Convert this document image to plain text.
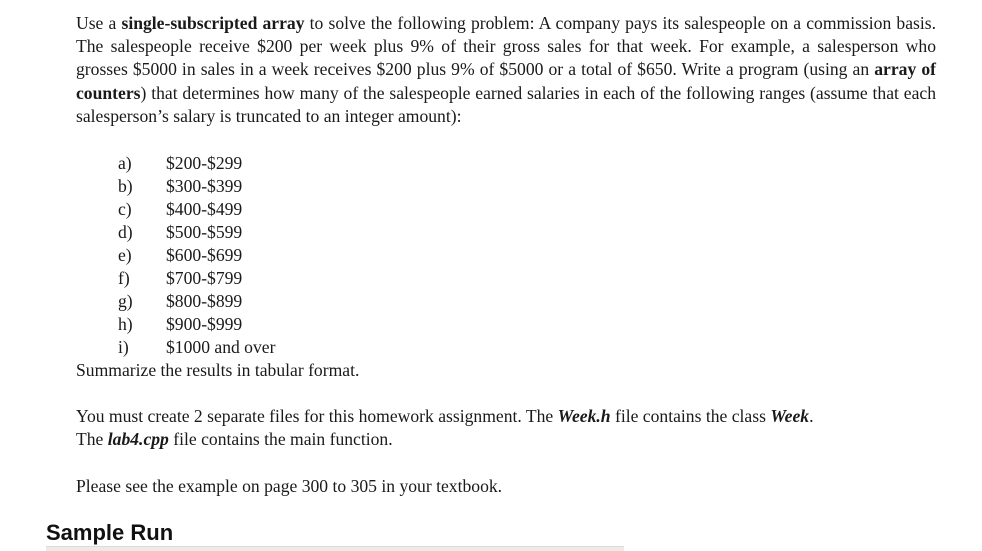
Use a single-subscripted array to solve the following problem: A company pays its salespeople on a commission basis. The salespeople receive $200 per week plus 9% of their gross sales for that week. For example, a salesperson who grosses $5000 in sales in a week receives $200 plus 9% of $5000 or a total of $650. Write a program (using an array of counters) that determines how many of the salespeople earned salaries in each of the following ranges (assume that each salesperson’s salary is truncated to an integer amount):

a)	$200-$299
b)	$300-$399
c)	$400-$499
d)	$500-$599
e)	$600-$699
f)	$700-$799
g)	$800-$899
h)	$900-$999
i)	$1000 and over

Summarize the results in tabular format.

You must create 2 separate files for this homework assignment. The Week.h file contains the class Week.
The lab4.cpp file contains the main function.

Please see the example on page 300 to 305 in your textbook.

Sample Run
